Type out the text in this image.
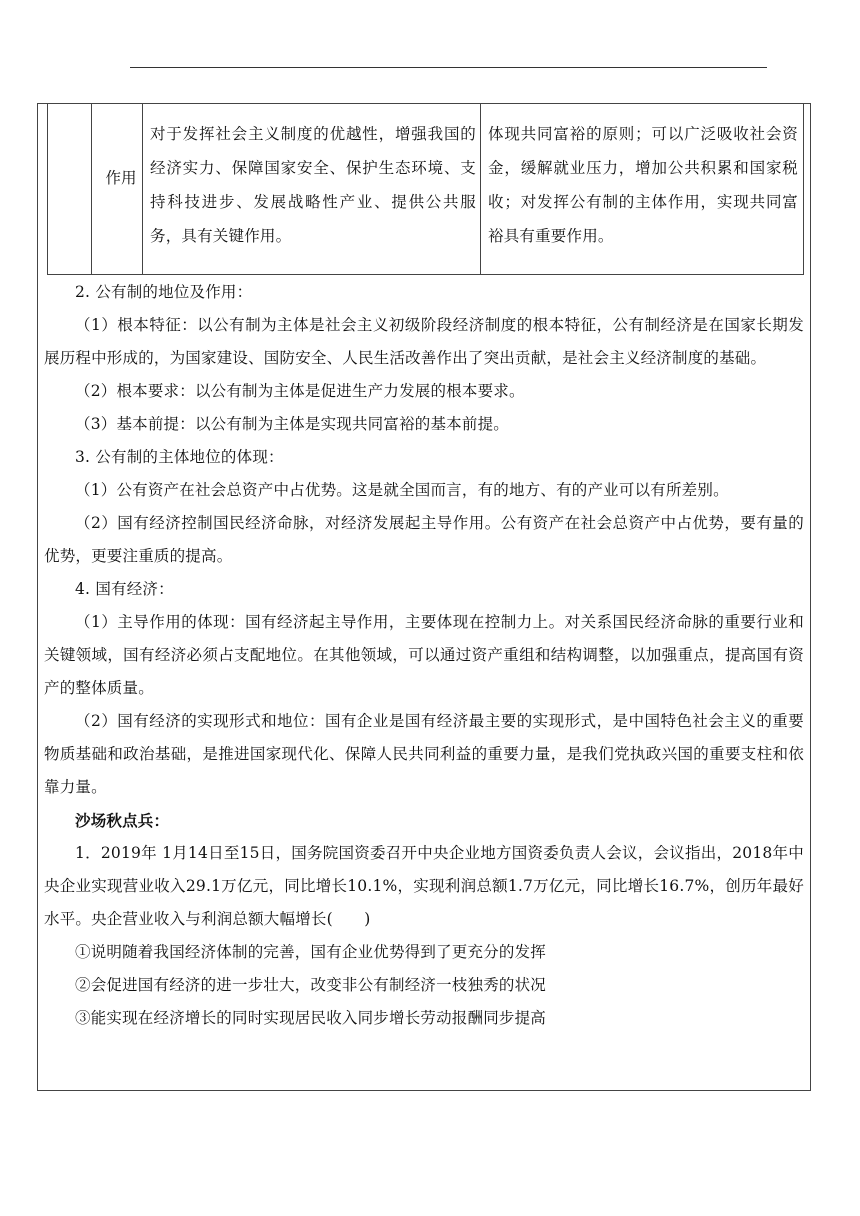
作用
对于发挥社会主义制度的优越性，增强我国的经济实力、保障国家安全、保护生态环境、支持科技进步、发展战略性产业、提供公共服务，具有关键作用。
体现共同富裕的原则；可以广泛吸收社会资金，缓解就业压力，增加公共积累和国家税收；对发挥公有制的主体作用，实现共同富裕具有重要作用。

2. 公有制的地位及作用：

（1）根本特征：以公有制为主体是社会主义初级阶段经济制度的根本特征，公有制经济是在国家长期发展历程中形成的，为国家建设、国防安全、人民生活改善作出了突出贡献，是社会主义经济制度的基础。

（2）根本要求：以公有制为主体是促进生产力发展的根本要求。

（3）基本前提：以公有制为主体是实现共同富裕的基本前提。

3. 公有制的主体地位的体现：

（1）公有资产在社会总资产中占优势。这是就全国而言，有的地方、有的产业可以有所差别。

（2）国有经济控制国民经济命脉，对经济发展起主导作用。公有资产在社会总资产中占优势，要有量的优势，更要注重质的提高。

4. 国有经济：

（1）主导作用的体现：国有经济起主导作用，主要体现在控制力上。对关系国民经济命脉的重要行业和关键领域，国有经济必须占支配地位。在其他领域，可以通过资产重组和结构调整，以加强重点，提高国有资产的整体质量。

（2）国有经济的实现形式和地位：国有企业是国有经济最主要的实现形式，是中国特色社会主义的重要物质基础和政治基础，是推进国家现代化、保障人民共同利益的重要力量，是我们党执政兴国的重要支柱和依靠力量。

沙场秋点兵：

1．2019年 1月14日至15日，国务院国资委召开中央企业地方国资委负责人会议，会议指出，2018年中央企业实现营业收入29.1万亿元，同比增长10.1%，实现利润总额1.7万亿元，同比增长16.7%，创历年最好水平。央企营业收入与利润总额大幅增长(　　)

①说明随着我国经济体制的完善，国有企业优势得到了更充分的发挥

②会促进国有经济的进一步壮大，改变非公有制经济一枝独秀的状况

③能实现在经济增长的同时实现居民收入同步增长劳动报酬同步提高
